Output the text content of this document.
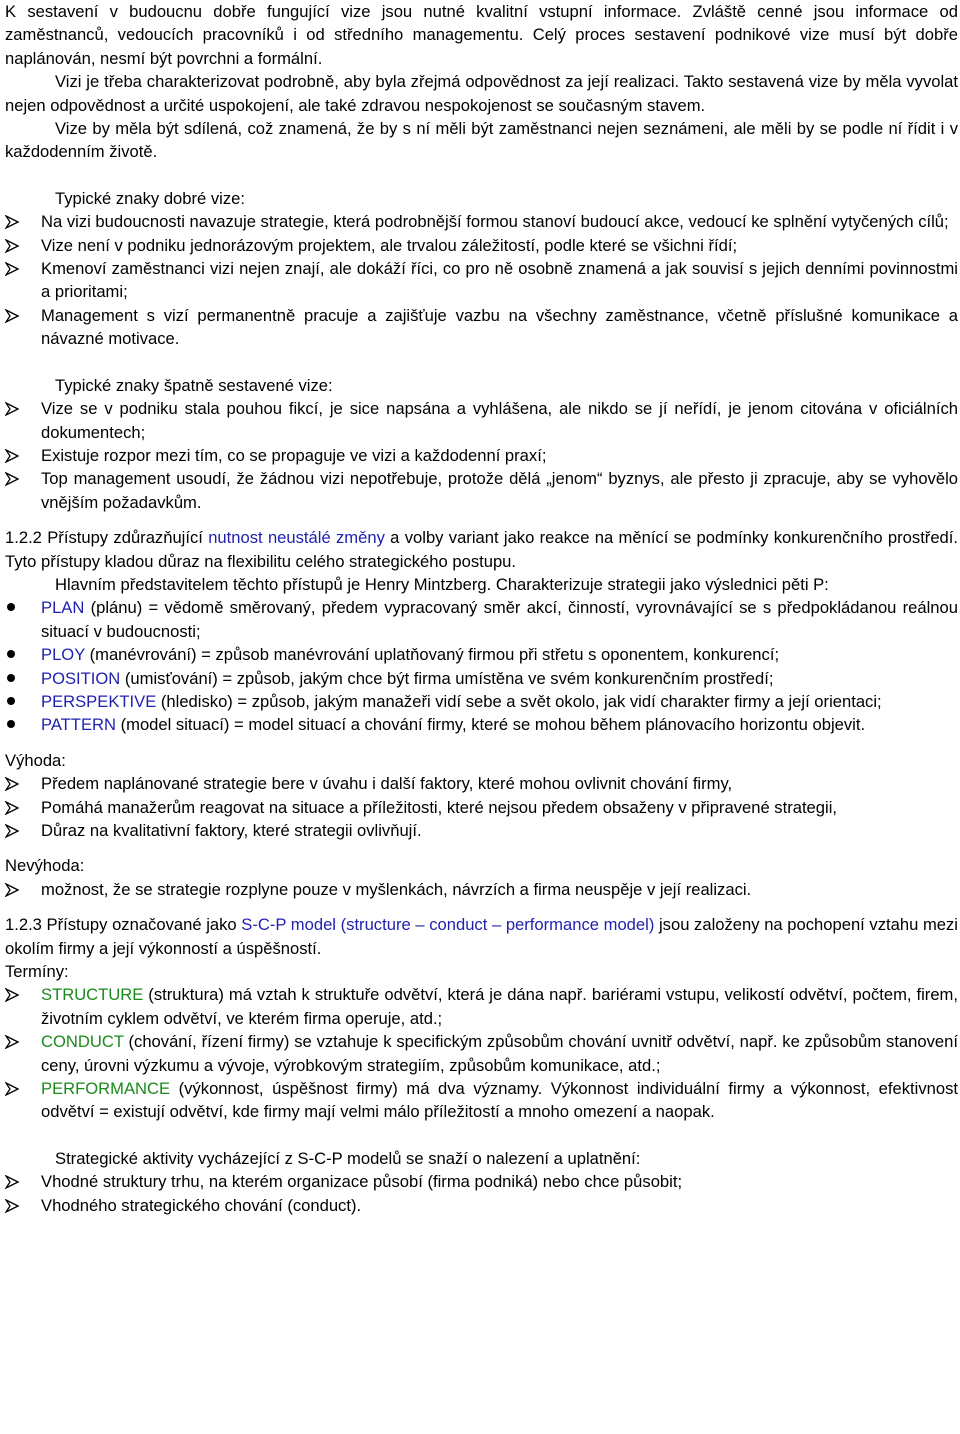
K sestavení v budoucnu dobře fungující vize jsou nutné kvalitní vstupní informace. Zvláště cenné jsou informace od zaměstnanců, vedoucích pracovníků i od středního managementu. Celý proces sestavení podnikové vize musí být dobře naplánován, nesmí být povrchni a formální.

Vizi je třeba charakterizovat podrobně, aby byla zřejmá odpovědnost za její realizaci. Takto sestavená vize by měla vyvolat nejen odpovědnost a určité uspokojení, ale také zdravou nespokojenost se současným stavem.

Vize by měla být sdílená, což znamená, že by s ní měli být zaměstnanci nejen seznámeni, ale měli by se podle ní řídit i v každodenním životě.

Typické znaky dobré vize:

Na vizi budoucnosti navazuje strategie, která podrobnější formou stanoví budoucí akce, vedoucí ke splnění vytyčených cílů;

Vize není v podniku jednorázovým projektem, ale trvalou záležitostí, podle které se všichni řídí;

Kmenoví zaměstnanci vizi nejen znají, ale dokáží říci, co pro ně osobně znamená a jak souvisí s jejich denními povinnostmi a prioritami;

Management s vizí permanentně pracuje a zajišťuje vazbu na všechny zaměstnance, včetně příslušné komunikace a návazné motivace.

Typické znaky špatně sestavené vize:

Vize se v podniku stala pouhou fikcí, je sice napsána a vyhlášena, ale nikdo se jí neřídí, je jenom citována v oficiálních dokumentech;

Existuje rozpor mezi tím, co se propaguje ve vizi a každodenní praxí;

Top management usoudí, že žádnou vizi nepotřebuje, protože dělá „jenom“ byznys, ale přesto ji zpracuje, aby se vyhovělo vnějším požadavkům.

1.2.2 Přístupy zdůrazňující nutnost neustálé změny a volby variant jako reakce na měnící se podmínky konkurenčního prostředí. Tyto přístupy kladou důraz na flexibilitu celého strategického postupu.

Hlavním představitelem těchto přístupů je Henry Mintzberg. Charakterizuje strategii jako výslednici pěti P:

PLAN (plánu) = vědomě směrovaný, předem vypracovaný směr akcí, činností, vyrovnávající se s předpokládanou reálnou situací v budoucnosti;

PLOY (manévrování) = způsob manévrování uplatňovaný firmou při střetu s oponentem, konkurencí;

POSITION (umisťování) = způsob, jakým chce být firma umístěna ve svém konkurenčním prostředí;

PERSPEKTIVE (hledisko) = způsob, jakým manažeři vidí sebe a svět okolo, jak vidí charakter firmy a její orientaci;

PATTERN (model situací) = model situací a chování firmy, které se mohou během plánovacího horizontu objevit.

Výhoda:

Předem naplánované strategie bere v úvahu i další faktory, které mohou ovlivnit chování firmy,

Pomáhá manažerům reagovat na situace a příležitosti, které nejsou předem obsaženy v připravené strategii,

Důraz na kvalitativní faktory, které strategii ovlivňují.

Nevýhoda:

možnost, že se strategie rozplyne pouze v myšlenkách, návrzích a firma neuspěje v její realizaci.

1.2.3 Přístupy označované jako S-C-P model (structure – conduct – performance model) jsou založeny na pochopení vztahu mezi okolím firmy a její výkonností a úspěšností.

Termíny:

STRUCTURE (struktura) má vztah k struktuře odvětví, která je dána např. bariérami vstupu, velikostí odvětví, počtem, firem, životním cyklem odvětví, ve kterém firma operuje, atd.;

CONDUCT (chování, řízení firmy) se vztahuje k specifickým způsobům chování uvnitř odvětví, např. ke způsobům stanovení ceny, úrovni výzkumu a vývoje, výrobkovým strategiím, způsobům komunikace, atd.;

PERFORMANCE (výkonnost, úspěšnost firmy) má dva významy. Výkonnost individuální firmy a výkonnost, efektivnost odvětví = existují odvětví, kde firmy mají velmi málo příležitostí a mnoho omezení a naopak.

Strategické aktivity vycházející z S-C-P modelů se snaží o nalezení a uplatnění:

Vhodné struktury trhu, na kterém organizace působí (firma podniká) nebo chce působit;

Vhodného strategického chování (conduct).
